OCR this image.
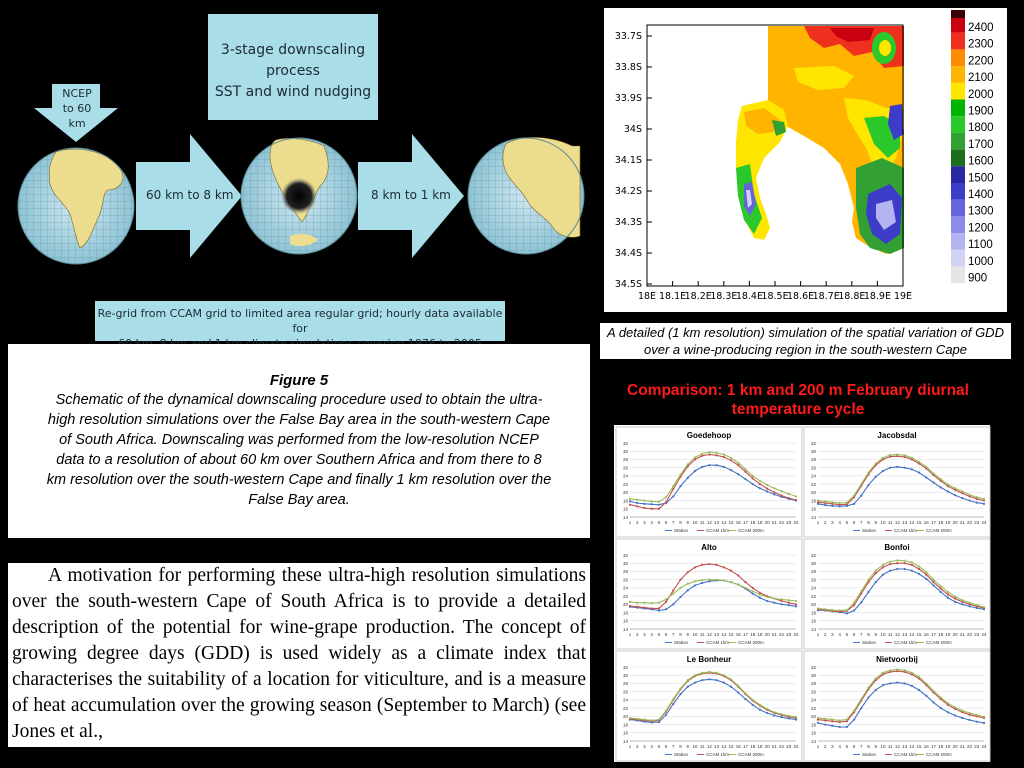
3-stage downscaling
process
SST and wind nudging
NCEP
to 60
km
60 km to 8 km	8 km to 1 km
Re-grid from CCAM grid to limited area regular grid; hourly data available for
Figure 5
Schematic of the dynamical downscaling procedure used to obtain the ultra-high resolution simulations over the False Bay area in the south-western Cape of South Africa. Downscaling was performed from the low-resolution NCEP data to a resolution of about 60 km over Southern Africa and from there to 8 km resolution over the south-western Cape and finally 1 km resolution over the False Bay area.
A motivation for performing these ultra-high resolution simulations over the south-western Cape of South Africa is to provide a detailed description of the potential for wine-grape production. The concept of growing degree days (GDD) is used widely as a climate index that characterises the suitability of a location for viticulture, and is a measure of heat accumulation over the growing season (September to March) (see Jones et al.,
33.7S
33.8S
33.9S
34S
34.1S
34.2S
34.3S
34.4S
34.5S
18E 18.1E
18.2E
18.3E
18.4E
18.5E
18.6E
18.7E
18.8E
18.9E 19E
2400
2300
2200
2100
2000
1900
1800
1700
1600
1500
1400
1300
1200
1100
1000
900
A detailed (1 km resolution) simulation of the spatial variation of GDD over a wine-producing region in the south-western Cape
Comparison: 1 km and 200 m February diurnal temperature cycle
Goedehoop
14
16
18
20
22
24
26
28
30
32
1 2 3 4 5 6 7 8 9 10 11 12 13 14 15 16 17 18 19 20 21 22 23 24
Station	CCAM 1km CCAM 200m
Jacobsdal
14
16
18
20
22
24
26
28
30
32
1 2 3 4 5 6 7 8 9 10 11 12 13 14 15 16 17 18 19 20 21 22 23 24
Station	CCAM 1km CCAM 200m
Alto
14
16
18
20
22
24
26
28
30
32
1 2 3 4 5 6 7 8 9 10 11 12 13 14 15 16 17 18 19 20 21 22 23 24
Station	CCAM 1km CCAM 200m
Bonfoi
14
16
18
20
22
24
26
28
30
32
1 2 3 4 5 6 7 8 9 10 11 12 13 14 15 16 17 18 19 20 21 22 23 24
Station	CCAM 1km CCAM 200m
Le Bonheur
14
16
18
20
22
24
26
28
30
32
1 2 3 4 5 6 7 8 9 10 11 12 13 14 15 16 17 18 19 20 21 22 23 24
Station	CCAM 1km CCAM 200m
Nietvoorbij
14
16
18
20
22
24
26
28
30
32
1 2 3 4 5 6 7 8 9 10 11 12 13 14 15 16 17 18 19 20 21 22 23 24
Station	CCAM 1km CCAM 200m
